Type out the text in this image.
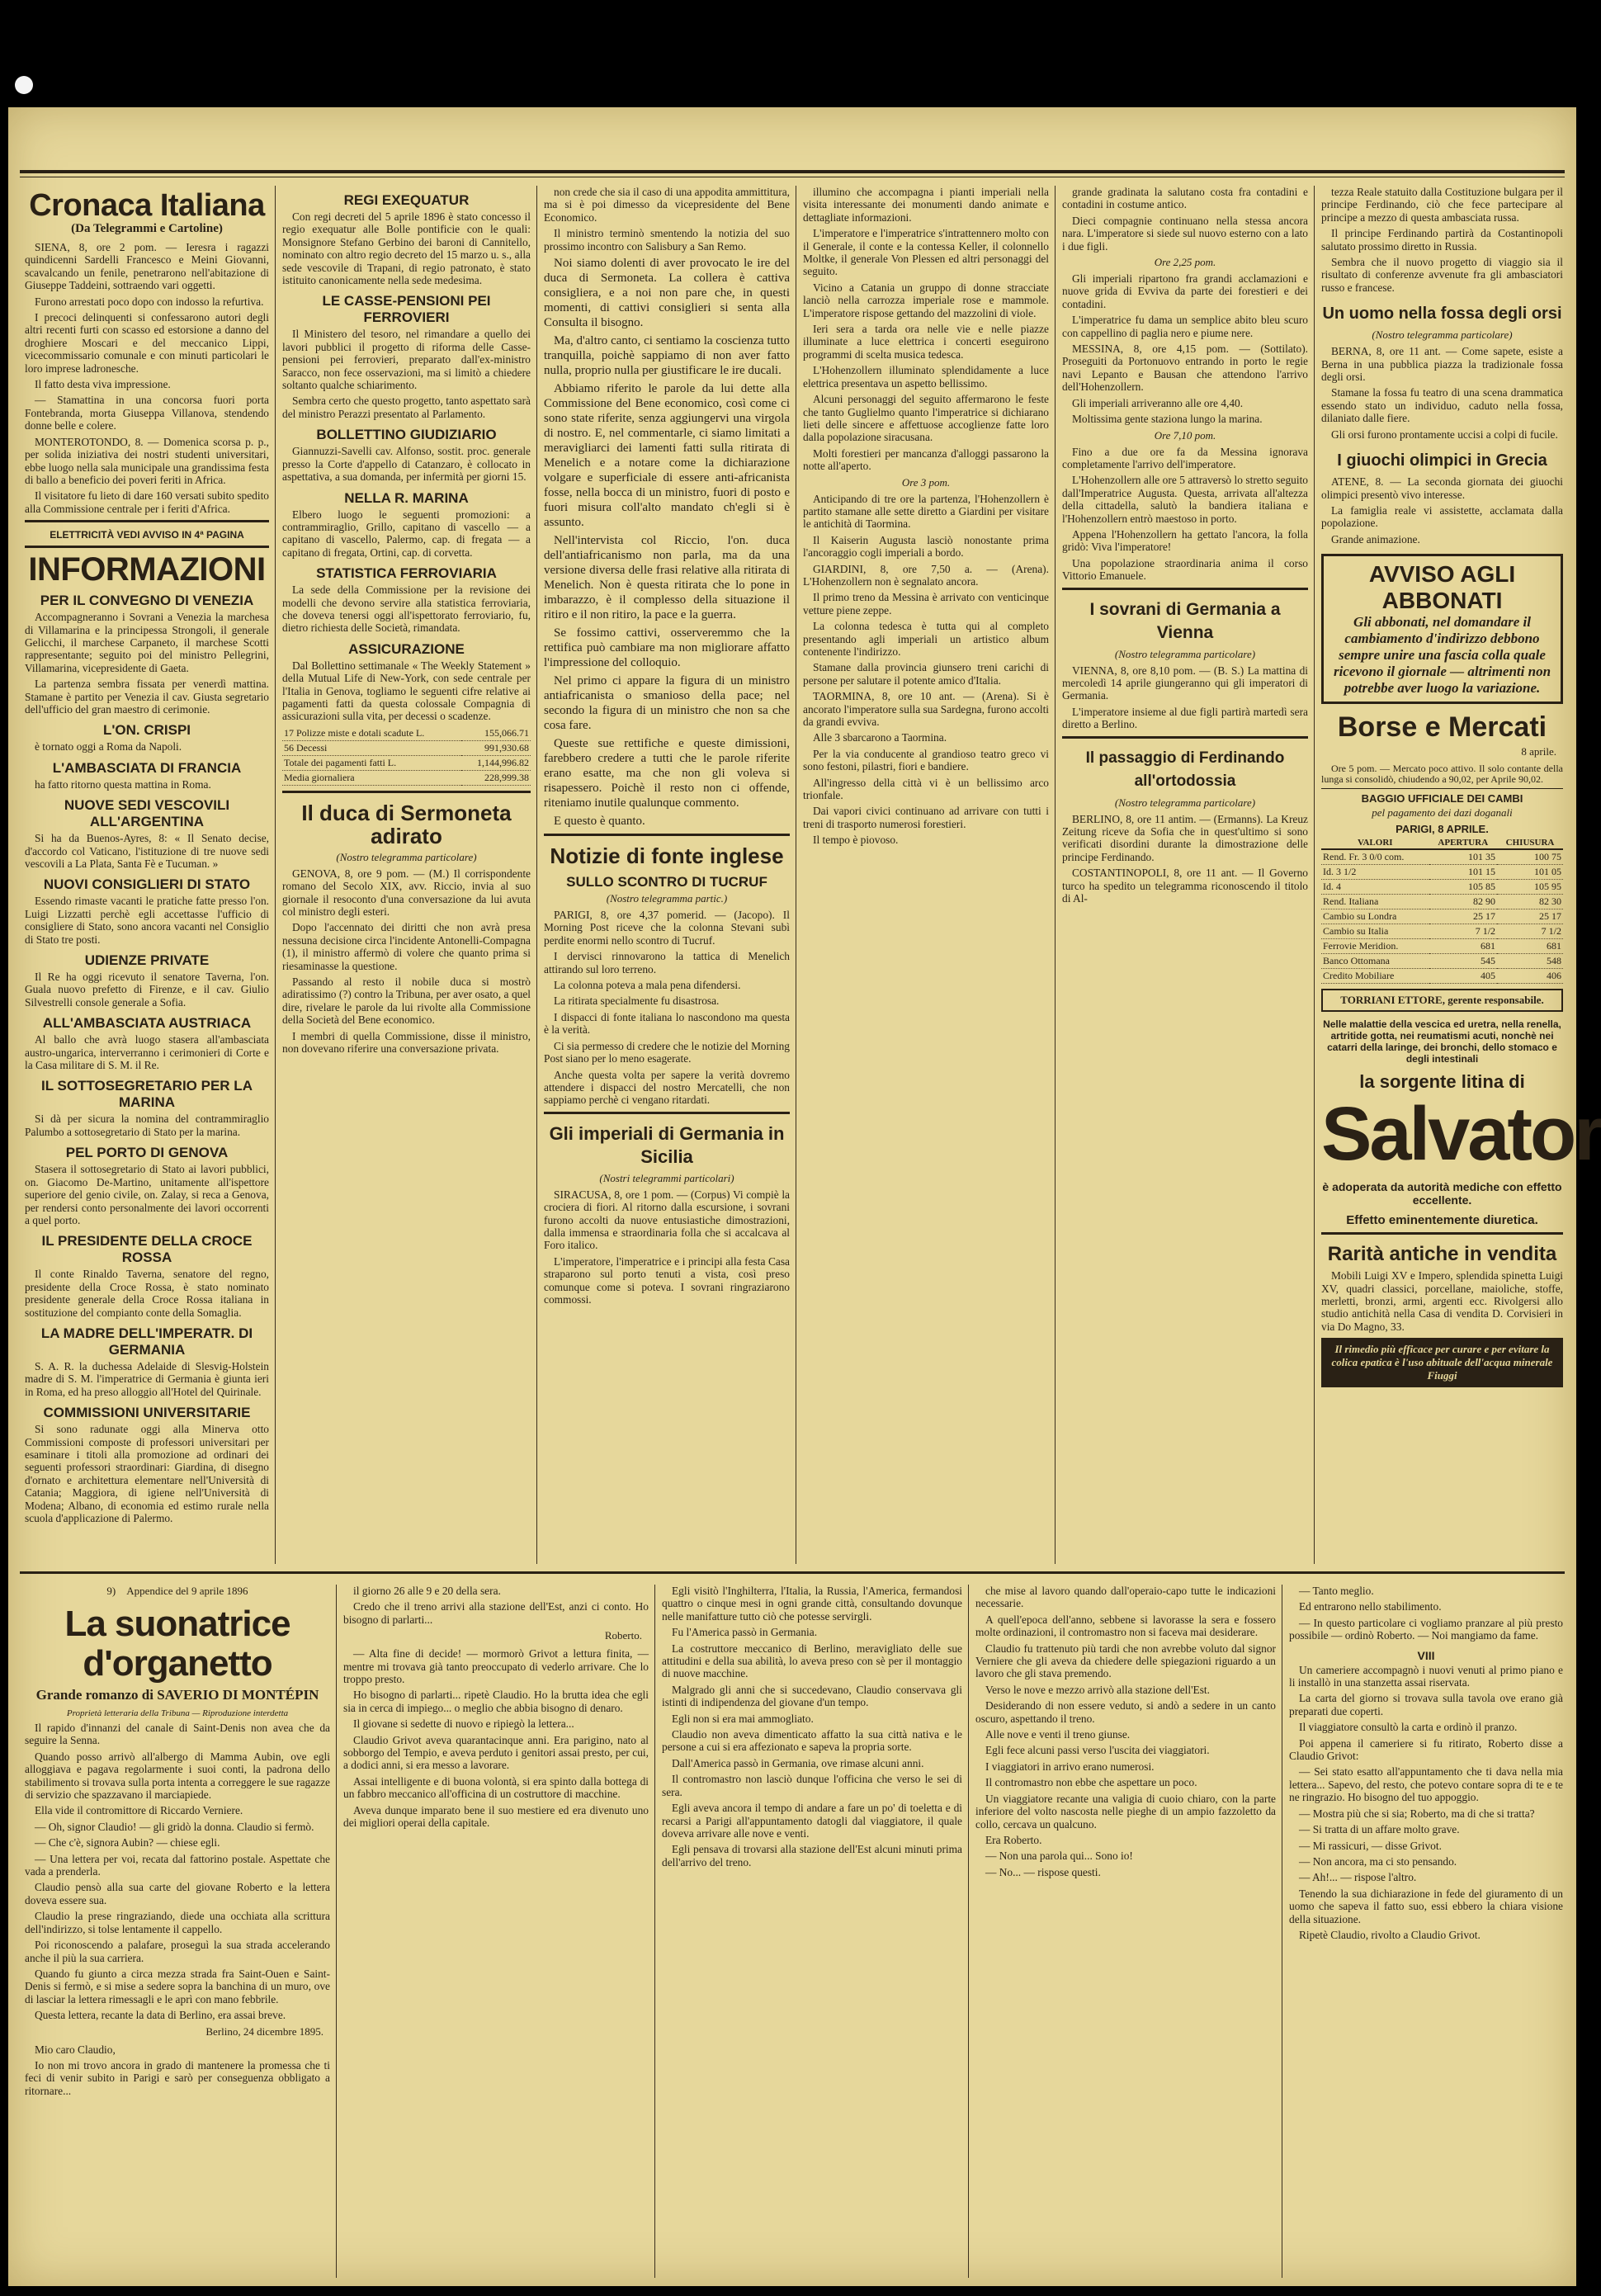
Cronaca Italiana
(Da Telegrammi e Cartoline)

SIENA, 8, ore 2 pom. — Ieresra i ragazzi quindicenni Sardelli Francesco e Meini Giovanni, scavalcando un fenile, penetrarono nell'abitazione di Giuseppe Taddeini, sottraendo vari oggetti.

Furono arrestati poco dopo con indosso la refurtiva.

I precoci delinquenti si confessarono autori degli altri recenti furti con scasso ed estorsione a danno del droghiere Moscari e del meccanico Lippi, vicecommissario comunale e con minuti particolari le loro imprese ladronesche.

Il fatto desta viva impressione.

— Stamattina in una concorsa fuori porta Fontebranda, morta Giuseppa Villanova, stendendo donne belle e colere.

MONTEROTONDO, 8. — Domenica scorsa p. p., per solida iniziativa dei nostri studenti universitari, ebbe luogo nella sala municipale una grandissima festa di ballo a beneficio dei poveri feriti in Africa.

Il visitatore fu lieto di dare 160 versati subito spedito alla Commissione centrale per i feriti d'Africa.

ELETTRICITÀ VEDI AVVISO IN 4ª PAGINA
INFORMAZIONI
PER IL CONVEGNO DI VENEZIA

Accompagneranno i Sovrani a Venezia la marchesa di Villamarina e la principessa Strongoli, il generale Gelicchi, il marchese Carpaneto, il marchese Scotti rappresentante; seguito poi del ministro Pellegrini, Villamarina, vicepresidente di Gaeta.

La partenza sembra fissata per venerdì mattina. Stamane è partito per Venezia il cav. Giusta segretario dell'ufficio del gran maestro di cerimonie.

L'ON. CRISPI

è tornato oggi a Roma da Napoli.

L'AMBASCIATA DI FRANCIA

ha fatto ritorno questa mattina in Roma.

NUOVE SEDI VESCOVILI ALL'ARGENTINA

Si ha da Buenos-Ayres, 8: « Il Senato decise, d'accordo col Vaticano, l'istituzione di tre nuove sedi vescovili a La Plata, Santa Fè e Tucuman. »

NUOVI CONSIGLIERI DI STATO

Essendo rimaste vacanti le pratiche fatte presso l'on. Luigi Lizzatti perchè egli accettasse l'ufficio di consigliere di Stato, sono ancora vacanti nel Consiglio di Stato tre posti.

UDIENZE PRIVATE

Il Re ha oggi ricevuto il senatore Taverna, l'on. Guala nuovo prefetto di Firenze, e il cav. Giulio Silvestrelli console generale a Sofia.

ALL'AMBASCIATA AUSTRIACA

Al ballo che avrà luogo stasera all'ambasciata austro-ungarica, interverranno i cerimonieri di Corte e la Casa militare di S. M. il Re.

IL SOTTOSEGRETARIO PER LA MARINA

Si dà per sicura la nomina del contrammiraglio Palumbo a sottosegretario di Stato per la marina.

PEL PORTO DI GENOVA

Stasera il sottosegretario di Stato ai lavori pubblici, on. Giacomo De-Martino, unitamente all'ispettore superiore del genio civile, on. Zalay, si reca a Genova, per rendersi conto personalmente dei lavori occorrenti a quel porto.

IL PRESIDENTE DELLA CROCE ROSSA

Il conte Rinaldo Taverna, senatore del regno, presidente della Croce Rossa, è stato nominato presidente generale della Croce Rossa italiana in sostituzione del compianto conte della Somaglia.

LA MADRE DELL'IMPERATR. DI GERMANIA

S. A. R. la duchessa Adelaide di Slesvig-Holstein madre di S. M. l'imperatrice di Germania è giunta ieri in Roma, ed ha preso alloggio all'Hotel del Quirinale.

COMMISSIONI UNIVERSITARIE

Si sono radunate oggi alla Minerva otto Commissioni composte di professori universitari per esaminare i titoli alla promozione ad ordinari dei seguenti professori straordinari: Giardina, di disegno d'ornato e architettura elementare nell'Università di Catania; Maggiora, di igiene nell'Università di Modena; Albano, di economia ed estimo rurale nella scuola d'applicazione di Palermo.

REGI EXEQUATUR

Con regi decreti del 5 aprile 1896 è stato concesso il regio exequatur alle Bolle pontificie con le quali: Monsignore Stefano Gerbino dei baroni di Cannitello, nominato con altro regio decreto del 15 marzo u. s., alla sede vescovile di Trapani, di regio patronato, è stato istituito canonicamente nella sede medesima.

LE CASSE-PENSIONI PEI FERROVIERI

Il Ministero del tesoro, nel rimandare a quello dei lavori pubblici il progetto di riforma delle Casse-pensioni pei ferrovieri, preparato dall'ex-ministro Saracco, non fece osservazioni, ma si limitò a chiedere soltanto qualche schiarimento.

Sembra certo che questo progetto, tanto aspettato sarà del ministro Perazzi presentato al Parlamento.

BOLLETTINO GIUDIZIARIO

Giannuzzi-Savelli cav. Alfonso, sostit. proc. generale presso la Corte d'appello di Catanzaro, è collocato in aspettativa, a sua domanda, per infermità per giorni 15.

NELLA R. MARINA

Elbero luogo le seguenti promozioni: a contrammiraglio, Grillo, capitano di vascello — a capitano di vascello, Palermo, cap. di fregata — a capitano di fregata, Ortini, cap. di corvetta.

STATISTICA FERROVIARIA

La sede della Commissione per la revisione dei modelli che devono servire alla statistica ferroviaria, che doveva tenersi oggi all'ispettorato ferroviario, fu, dietro richiesta delle Società, rimandata.

ASSICURAZIONE

Dal Bollettino settimanale « The Weekly Statement » della Mutual Life di New-York, con sede centrale per l'Italia in Genova, togliamo le seguenti cifre relative ai pagamenti fatti da questa colossale Compagnia di assicurazioni sulla vita, per decessi o scadenze.

17 Polizze miste e dotali scadute L.	155,066.71
56 Decessi	991,930.68
Totale dei pagamenti fatti L.	1,144,996.82
Media giornaliera	228,999.38
Il duca di Sermoneta adirato
(Nostro telegramma particolare)

GENOVA, 8, ore 9 pom. — (M.) Il corrispondente romano del Secolo XIX, avv. Riccio, invia al suo giornale il resoconto d'una conversazione da lui avuta col ministro degli esteri.

Dopo l'accennato dei diritti che non avrà presa nessuna decisione circa l'incidente Antonelli-Compagna (1), il ministro affermò di volere che quanto prima si riesaminasse la questione.

Passando al resto il nobile duca si mostrò adiratissimo (?) contro la Tribuna, per aver osato, a quel dire, rivelare le parole da lui rivolte alla Commissione della Società del Bene economico.

I membri di quella Commissione, disse il ministro, non dovevano riferire una conversazione privata.

non crede che sia il caso di una appodita ammittitura, ma si è poi dimesso da vicepresidente del Bene Economico.

Il ministro terminò smentendo la notizia del suo prossimo incontro con Salisbury a San Remo.

Noi siamo dolenti di aver provocato le ire del duca di Sermoneta. La collera è cattiva consigliera, e a noi non pare che, in questi momenti, di cattivi consiglieri si senta alla Consulta il bisogno.

Ma, d'altro canto, ci sentiamo la coscienza tutto tranquilla, poichè sappiamo di non aver fatto nulla, proprio nulla per giustificare le ire ducali.

Abbiamo riferito le parole da lui dette alla Commissione del Bene economico, così come ci sono state riferite, senza aggiungervi una virgola di nostro. E, nel commentarle, ci siamo limitati a meravigliarci dei lamenti fatti sulla ritirata di Menelich e a notare come la dichiarazione volgare e superficiale di essere anti-africanista fosse, nella bocca di un ministro, fuori di posto e fuori misura coll'alto mandato ch'egli si è assunto.

Nell'intervista col Riccio, l'on. duca dell'antiafricanismo non parla, ma da una versione diversa delle frasi relative alla ritirata di Menelich. Non è questa ritirata che lo pone in imbarazzo, è il complesso della situazione il ritiro e il non ritiro, la pace e la guerra.

Se fossimo cattivi, osserveremmo che la rettifica può cambiare ma non migliorare affatto l'impressione del colloquio.

Nel primo ci appare la figura di un ministro antiafricanista o smanioso della pace; nel secondo la figura di un ministro che non sa che cosa fare.

Queste sue rettifiche e queste dimissioni, farebbero credere a tutti che le parole riferite erano esatte, ma che non gli voleva si risapessero. Poichè il resto non ci offende, riteniamo inutile qualunque commento.

E questo è quanto.

Notizie di fonte inglese
SULLO SCONTRO DI TUCRUF
(Nostro telegramma partic.)

PARIGI, 8, ore 4,37 pomerid. — (Jacopo). Il Morning Post riceve che la colonna Stevani subì perdite enormi nello scontro di Tucruf.

I dervisci rinnovarono la tattica di Menelich attirando sul loro terreno.

La colonna poteva a mala pena difendersi.

La ritirata specialmente fu disastrosa.

I dispacci di fonte italiana lo nascondono ma questa è la verità.

Ci sia permesso di credere che le notizie del Morning Post siano per lo meno esagerate.

Anche questa volta per sapere la verità dovremo attendere i dispacci del nostro Mercatelli, che non sappiamo perchè ci vengano ritardati.

Gli imperiali di Germania in Sicilia
(Nostri telegrammi particolari)

SIRACUSA, 8, ore 1 pom. — (Corpus) Vi compiè la crociera di fiori. Al ritorno dalla escursione, i sovrani furono accolti da nuove entusiastiche dimostrazioni, dalla immensa e straordinaria folla che si accalcava al Foro italico.

L'imperatore, l'imperatrice e i principi alla festa Casa straparono sul porto tenuti a vista, così preso comunque come si poteva. I sovrani ringraziarono commossi.

illumino che accompagna i pianti imperiali nella visita interessante dei monumenti dando animate e dettagliate informazioni.

L'imperatore e l'imperatrice s'intrattennero molto con il Generale, il conte e la contessa Keller, il colonnello Moltke, il generale Von Plessen ed altri personaggi del seguito.

Vicino a Catania un gruppo di donne stracciate lanciò nella carrozza imperiale rose e mammole. L'imperatore rispose gettando del mazzolini di viole.

Ieri sera a tarda ora nelle vie e nelle piazze illuminate a luce elettrica i concerti eseguirono programmi di scelta musica tedesca.

L'Hohenzollern illuminato splendidamente a luce elettrica presentava un aspetto bellissimo.

Alcuni personaggi del seguito affermarono le feste che tanto Guglielmo quanto l'imperatrice si dichiarano lieti delle sincere e affettuose accoglienze fatte loro dalla popolazione siracusana.

Molti forestieri per mancanza d'alloggi passarono la notte all'aperto.

Ore 3 pom.

Anticipando di tre ore la partenza, l'Hohenzollern è partito stamane alle sette diretto a Giardini per visitare le antichità di Taormina.

Il Kaiserin Augusta lasciò nonostante prima l'ancoraggio cogli imperiali a bordo.

GIARDINI, 8, ore 7,50 a. — (Arena). L'Hohenzollern non è segnalato ancora.

Il primo treno da Messina è arrivato con venticinque vetture piene zeppe.

La colonna tedesca è tutta qui al completo presentando agli imperiali un artistico album contenente l'indirizzo.

Stamane dalla provincia giunsero treni carichi di persone per salutare il potente amico d'Italia.

TAORMINA, 8, ore 10 ant. — (Arena). Si è ancorato l'imperatore sulla sua Sardegna, furono accolti da grandi evviva.

Alle 3 sbarcarono a Taormina.

Per la via conducente al grandioso teatro greco vi sono festoni, pilastri, fiori e bandiere.

All'ingresso della città vi è un bellissimo arco trionfale.

Dai vapori civici continuano ad arrivare con tutti i treni di trasporto numerosi forestieri.

Il tempo è piovoso.

grande gradinata la salutano costa fra contadini e contadini in costume antico.

Dieci compagnie continuano nella stessa ancora nara. L'imperatore si siede sul nuovo esterno con a lato i due figli.

Ore 2,25 pom.

Gli imperiali ripartono fra grandi acclamazioni e nuove grida di Evviva da parte dei forestieri e dei contadini.

L'imperatrice fu dama un semplice abito bleu scuro con cappellino di paglia nero e piume nere.

MESSINA, 8, ore 4,15 pom. — (Sottilato). Proseguiti da Portonuovo entrando in porto le regie navi Lepanto e Bausan che attendono l'arrivo dell'Hohenzollern.

Gli imperiali arriveranno alle ore 4,40.

Moltissima gente staziona lungo la marina.

Ore 7,10 pom.

Fino a due ore fa da Messina ignorava completamente l'arrivo dell'imperatore.

L'Hohenzollern alle ore 5 attraversò lo stretto seguito dall'Imperatrice Augusta. Questa, arrivata all'altezza della cittadella, salutò la bandiera italiana e l'Hohenzollern entrò maestoso in porto.

Appena l'Hohenzollern ha gettato l'ancora, la folla gridò: Viva l'imperatore!

Una popolazione straordinaria anima il corso Vittorio Emanuele.

I sovrani di Germania a Vienna
(Nostro telegramma particolare)

VIENNA, 8, ore 8,10 pom. — (B. S.) La mattina di mercoledì 14 aprile giungeranno qui gli imperatori di Germania.

L'imperatore insieme al due figli partirà martedì sera diretto a Berlino.

Il passaggio di Ferdinando all'ortodossia
(Nostro telegramma particolare)

BERLINO, 8, ore 11 antim. — (Ermanns). La Kreuz Zeitung riceve da Sofia che in quest'ultimo si sono verificati disordini durante la dimostrazione delle principe Ferdinando.

COSTANTINOPOLI, 8, ore 11 ant. — Il Governo turco ha spedito un telegramma riconoscendo il titolo di Al-

tezza Reale statuito dalla Costituzione bulgara per il principe Ferdinando, ciò che fece partecipare al principe a mezzo di questa ambasciata russa.

Il principe Ferdinando partirà da Costantinopoli salutato prossimo diretto in Russia.

Sembra che il nuovo progetto di viaggio sia il risultato di conferenze avvenute fra gli ambasciatori russo e francese.

Un uomo nella fossa degli orsi
(Nostro telegramma particolare)

BERNA, 8, ore 11 ant. — Come sapete, esiste a Berna in una pubblica piazza la tradizionale fossa degli orsi.

Stamane la fossa fu teatro di una scena drammatica essendo stato un individuo, caduto nella fossa, dilaniato dalle fiere.

Gli orsi furono prontamente uccisi a colpi di fucile.

I giuochi olimpici in Grecia

ATENE, 8. — La seconda giornata dei giuochi olimpici presentò vivo interesse.

La famiglia reale vi assistette, acclamata dalla popolazione.

Grande animazione.

AVVISO AGLI ABBONATI
Gli abbonati, nel domandare il cambiamento d'indirizzo debbono sempre unire una fascia colla quale ricevono il giornale — altrimenti non potrebbe aver luogo la variazione.
Borse e Mercati
8 aprile.

Ore 5 pom. — Mercato poco attivo. Il solo contante della lunga si consolidò, chiudendo a 90,02, per Aprile 90,02.

BAGGIO UFFICIALE DEI CAMBI
pel pagamento dei dazi doganali
PARIGI, 8 APRILE.
VALORI	APERTURA	CHIUSURA
Rend. Fr. 3 0/0 com.	101 35	100 75
Id. 3 1/2	101 15	101 05
Id. 4	105 85	105 95
Rend. Italiana	82 90	82 30
Cambio su Londra	25 17	25 17
Cambio su Italia	7 1/2	7 1/2
Ferrovie Meridion.	681	681
Banco Ottomana	545	548
Credito Mobiliare	405	406
TORRIANI ETTORE, gerente responsabile.
Nelle malattie della vescica ed uretra, nella renella, artritide gotta, nei reumatismi acuti, nonchè nei catarri della laringe, dei bronchi, dello stomaco e degli intestinali
la sorgente litina di
Salvator
è adoperata da autorità mediche con effetto eccellente.
Effetto eminentemente diuretica.
Rarità antiche in vendita

Mobili Luigi XV e Impero, splendida spinetta Luigi XV, quadri classici, porcellane, maioliche, stoffe, merletti, bronzi, armi, argenti ecc. Rivolgersi allo studio antichità nella Casa di vendita D. Corvisieri in via Do Magno, 33.

Il rimedio più efficace per curare e per evitare la colica epatica è l'uso abituale dell'acqua minerale Fiuggi
9) Appendice del 9 aprile 1896
La suonatrice d'organetto
Grande romanzo di SAVERIO DI MONTÉPIN
Proprietà letteraria della Tribuna — Riproduzione interdetta

Il rapido d'innanzi del canale di Saint-Denis non avea che da seguire la Senna.

Quando posso arrivò all'albergo di Mamma Aubin, ove egli alloggiava e pagava regolarmente i suoi conti, la padrona dello stabilimento si trovava sulla porta intenta a correggere le sue ragazze di servizio che spazzavano il marciapiede.

Ella vide il contromittore di Riccardo Verniere.

— Oh, signor Claudio! — gli gridò la donna. Claudio si fermò.

— Che c'è, signora Aubin? — chiese egli.

— Una lettera per voi, recata dal fattorino postale. Aspettate che vada a prenderla.

Claudio pensò alla sua carte del giovane Roberto e la lettera doveva essere sua.

Claudio la prese ringraziando, diede una occhiata alla scrittura dell'indirizzo, si tolse lentamente il cappello.

Poi riconoscendo a palafare, proseguì la sua strada accelerando anche il più la sua carriera.

Quando fu giunto a circa mezza strada fra Saint-Ouen e Saint-Denis si fermò, e si mise a sedere sopra la banchina di un muro, ove di lasciar la lettera rimessagli e le aprì con mano febbrile.

Questa lettera, recante la data di Berlino, era assai breve.

Berlino, 24 dicembre 1895.

Mio caro Claudio,

Io non mi trovo ancora in grado di mantenere la promessa che ti feci di venir subito in Parigi e sarò per conseguenza obbligato a ritornare...

il giorno 26 alle 9 e 20 della sera.

Credo che il treno arrivi alla stazione dell'Est, anzi ci conto. Ho bisogno di parlarti...

Roberto.

— Alta fine di decide! — mormorò Grivot a lettura finita, — mentre mi trovava già tanto preoccupato di vederlo arrivare. Che lo troppo presto.

Ho bisogno di parlarti... ripetè Claudio. Ho la brutta idea che egli sia in cerca di impiego... o meglio che abbia bisogno di denaro.

Il giovane si sedette di nuovo e ripiegò la lettera...

Claudio Grivot aveva quarantacinque anni. Era parigino, nato al sobborgo del Tempio, e aveva perduto i genitori assai presto, per cui, a dodici anni, si era messo a lavorare.

Assai intelligente e di buona volontà, si era spinto dalla bottega di un fabbro meccanico all'officina di un costruttore di macchine.

Aveva dunque imparato bene il suo mestiere ed era divenuto uno dei migliori operai della capitale.

Egli visitò l'Inghilterra, l'Italia, la Russia, l'America, fermandosi quattro o cinque mesi in ogni grande città, consultando dovunque nelle manifatture tutto ciò che potesse servirgli.

Fu l'America passò in Germania.

La costruttore meccanico di Berlino, meravigliato delle sue attitudini e della sua abilità, lo aveva preso con sè per il montaggio di nuove macchine.

Malgrado gli anni che si succedevano, Claudio conservava gli istinti di indipendenza del giovane d'un tempo.

Egli non si era mai ammogliato.

Claudio non aveva dimenticato affatto la sua città nativa e le persone a cui si era affezionato e sapeva la propria sorte.

Dall'America passò in Germania, ove rimase alcuni anni.

Il contromastro non lasciò dunque l'officina che verso le sei di sera.

Egli aveva ancora il tempo di andare a fare un po' di toeletta e di recarsi a Parigi all'appuntamento datogli dal viaggiatore, il quale doveva arrivare alle nove e venti.

Egli pensava di trovarsi alla stazione dell'Est alcuni minuti prima dell'arrivo del treno.

che mise al lavoro quando dall'operaio-capo tutte le indicazioni necessarie.

A quell'epoca dell'anno, sebbene si lavorasse la sera e fossero molte ordinazioni, il contromastro non si faceva mai desiderare.

Claudio fu trattenuto più tardi che non avrebbe voluto dal signor Verniere che gli aveva da chiedere delle spiegazioni riguardo a un lavoro che gli stava premendo.

Verso le nove e mezzo arrivò alla stazione dell'Est.

Desiderando di non essere veduto, si andò a sedere in un canto oscuro, aspettando il treno.

Alle nove e venti il treno giunse.

Egli fece alcuni passi verso l'uscita dei viaggiatori.

I viaggiatori in arrivo erano numerosi.

Il contromastro non ebbe che aspettare un poco.

Un viaggiatore recante una valigia di cuoio chiaro, con la parte inferiore del volto nascosta nelle pieghe di un ampio fazzoletto da collo, cercava un qualcuno.

Era Roberto.

— Non una parola qui... Sono io!

— No... — rispose questi.

— Tanto meglio.

Ed entrarono nello stabilimento.

— In questo particolare ci vogliamo pranzare al più presto possibile — ordinò Roberto. — Noi mangiamo da fame.

VIII

Un cameriere accompagnò i nuovi venuti al primo piano e li installò in una stanzetta assai riservata.

La carta del giorno si trovava sulla tavola ove erano già preparati due coperti.

Il viaggiatore consultò la carta e ordinò il pranzo.

Poi appena il cameriere si fu ritirato, Roberto disse a Claudio Grivot:

— Sei stato esatto all'appuntamento che ti dava nella mia lettera... Sapevo, del resto, che potevo contare sopra di te e te ne ringrazio. Ho bisogno del tuo appoggio.

— Mostra più che si sia; Roberto, ma di che si tratta?

— Si tratta di un affare molto grave.

— Mi rassicuri, — disse Grivot.

— Non ancora, ma ci sto pensando.

— Ah!... — rispose l'altro.

Tenendo la sua dichiarazione in fede del giuramento di un uomo che sapeva il fatto suo, essi ebbero la chiara visione della situazione.

Ripetè Claudio, rivolto a Claudio Grivot.
